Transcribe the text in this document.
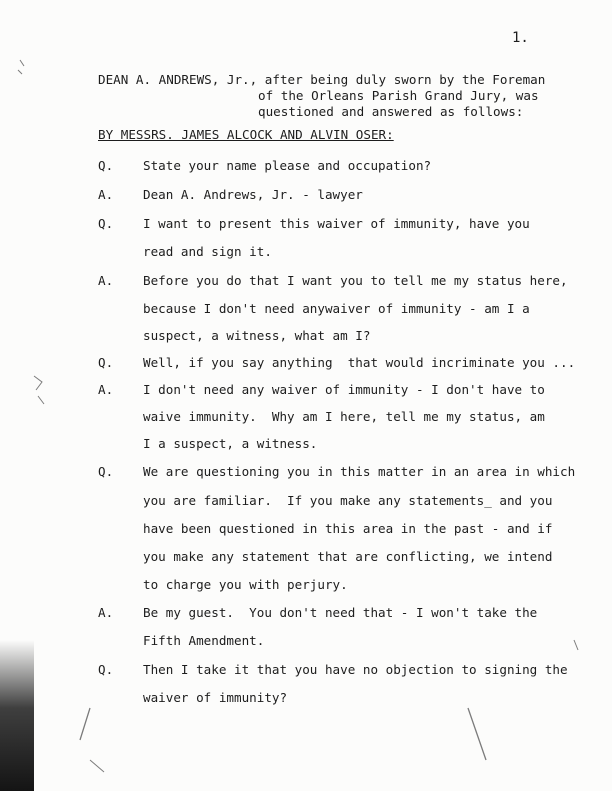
1.
DEAN A. ANDREWS, Jr., after being duly sworn by the Foreman
of the Orleans Parish Grand Jury, was
questioned and answered as follows:
BY MESSRS. JAMES ALCOCK AND ALVIN OSER:
Q. State your name please and occupation?
A. Dean A. Andrews, Jr. - lawyer
Q. I want to present this waiver of immunity, have you
read and sign it.
A. Before you do that I want you to tell me my status here,
because I don't need anywaiver of immunity - am I a
suspect, a witness, what am I?
Q. Well, if you say anything  that would incriminate you ...
A. I don't need any waiver of immunity - I don't have to
waive immunity.  Why am I here, tell me my status, am
I a suspect, a witness.
Q. We are questioning you in this matter in an area in which
you are familiar.  If you make any statements_ and you
have been questioned in this area in the past - and if
you make any statement that are conflicting, we intend
to charge you with perjury.
A. Be my guest.  You don't need that - I won't take the
Fifth Amendment.
Q. Then I take it that you have no objection to signing the
waiver of immunity?
